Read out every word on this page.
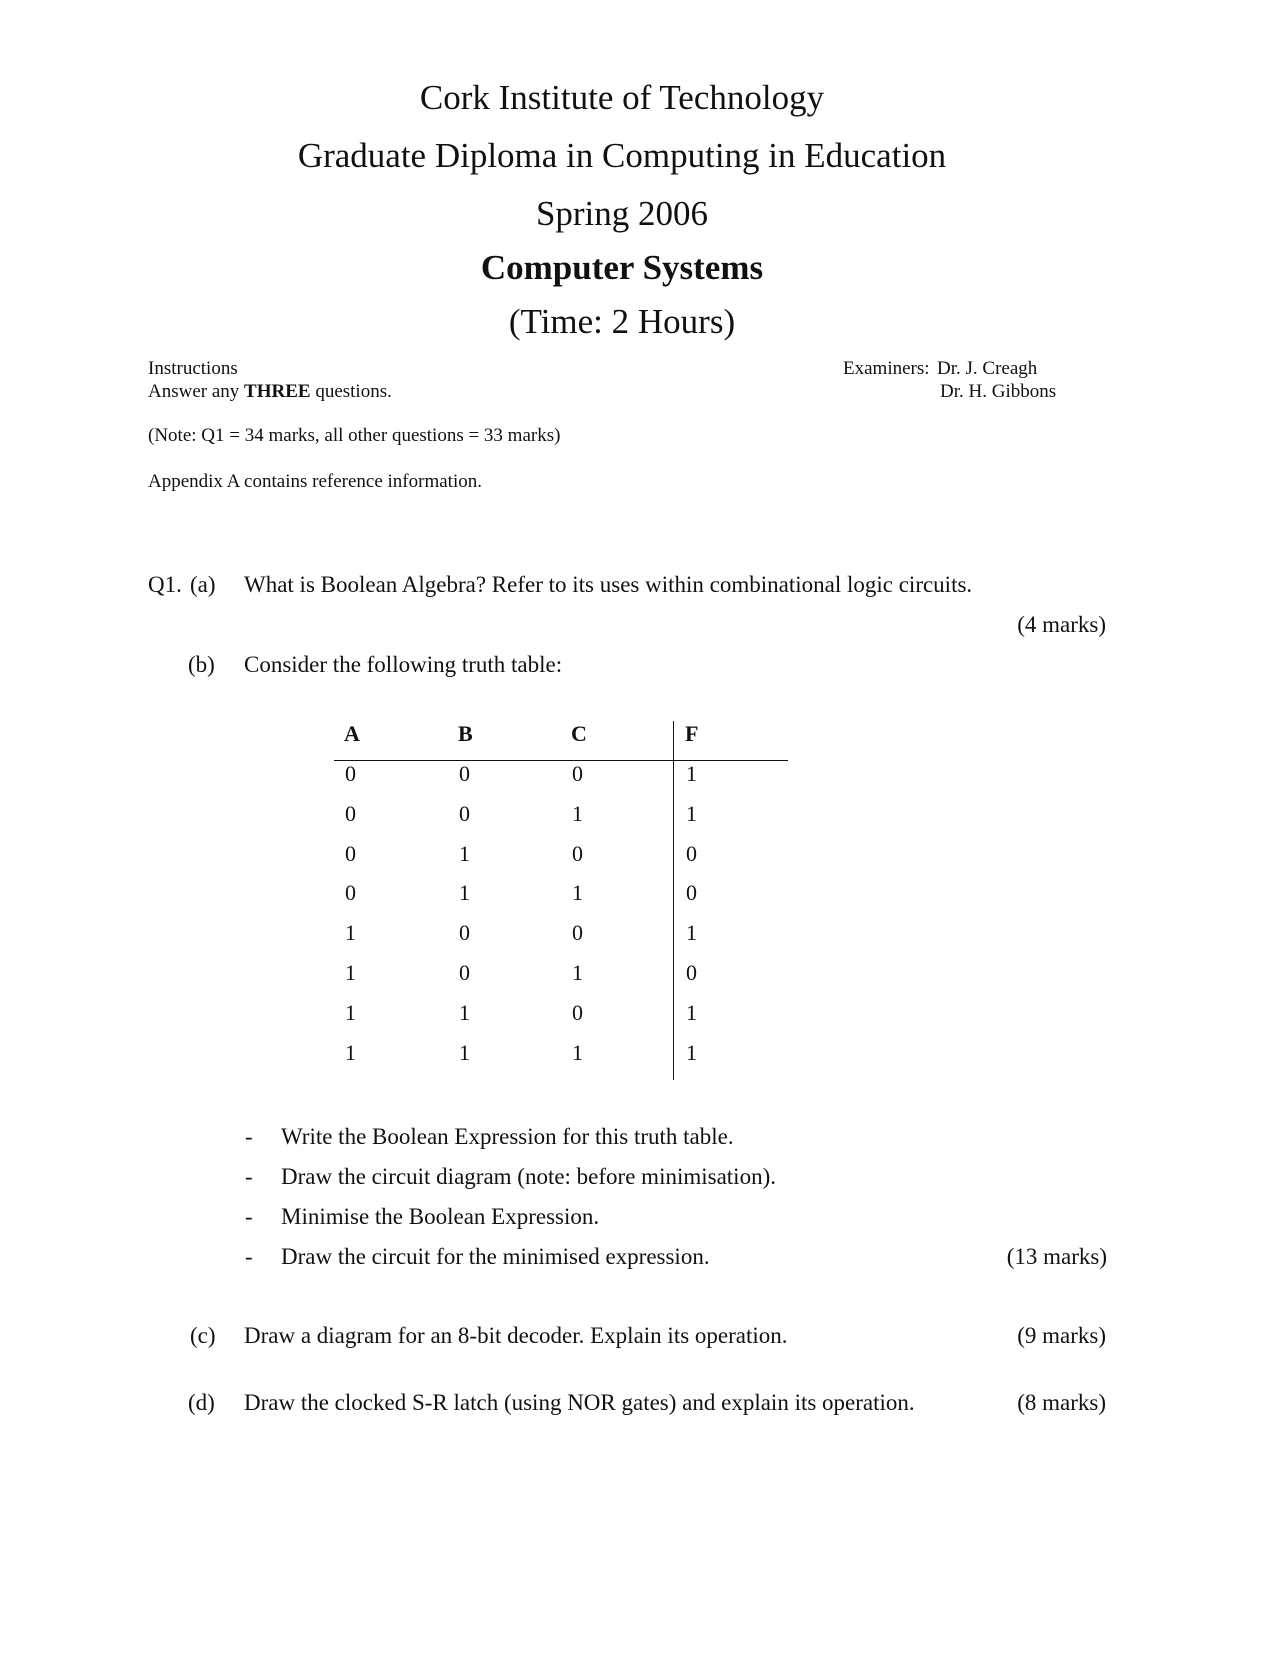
Cork Institute of Technology
Graduate Diploma in Computing in Education
Spring 2006
Computer Systems
(Time: 2 Hours)
Instructions
Answer any THREE questions.
(Note: Q1 = 34 marks, all other questions = 33 marks)
Appendix A contains reference information.
Examiners: Dr. J. Creagh
Dr. H. Gibbons
Q1. (a) What is Boolean Algebra? Refer to its uses within combinational logic circuits.
(4 marks)
(b) Consider the following truth table:
A	B	C	F
0	0	0	1
0	0	1	1
0	1	0	0
0	1	1	0
1	0	0	1
1	0	1	0
1	1	0	1
1	1	1	1
- Write the Boolean Expression for this truth table.
- Draw the circuit diagram (note: before minimisation).
- Minimise the Boolean Expression.
- Draw the circuit for the minimised expression.	(13 marks)
(c) Draw a diagram for an 8-bit decoder. Explain its operation.	(9 marks)
(d) Draw the clocked S-R latch (using NOR gates) and explain its operation.	(8 marks)
